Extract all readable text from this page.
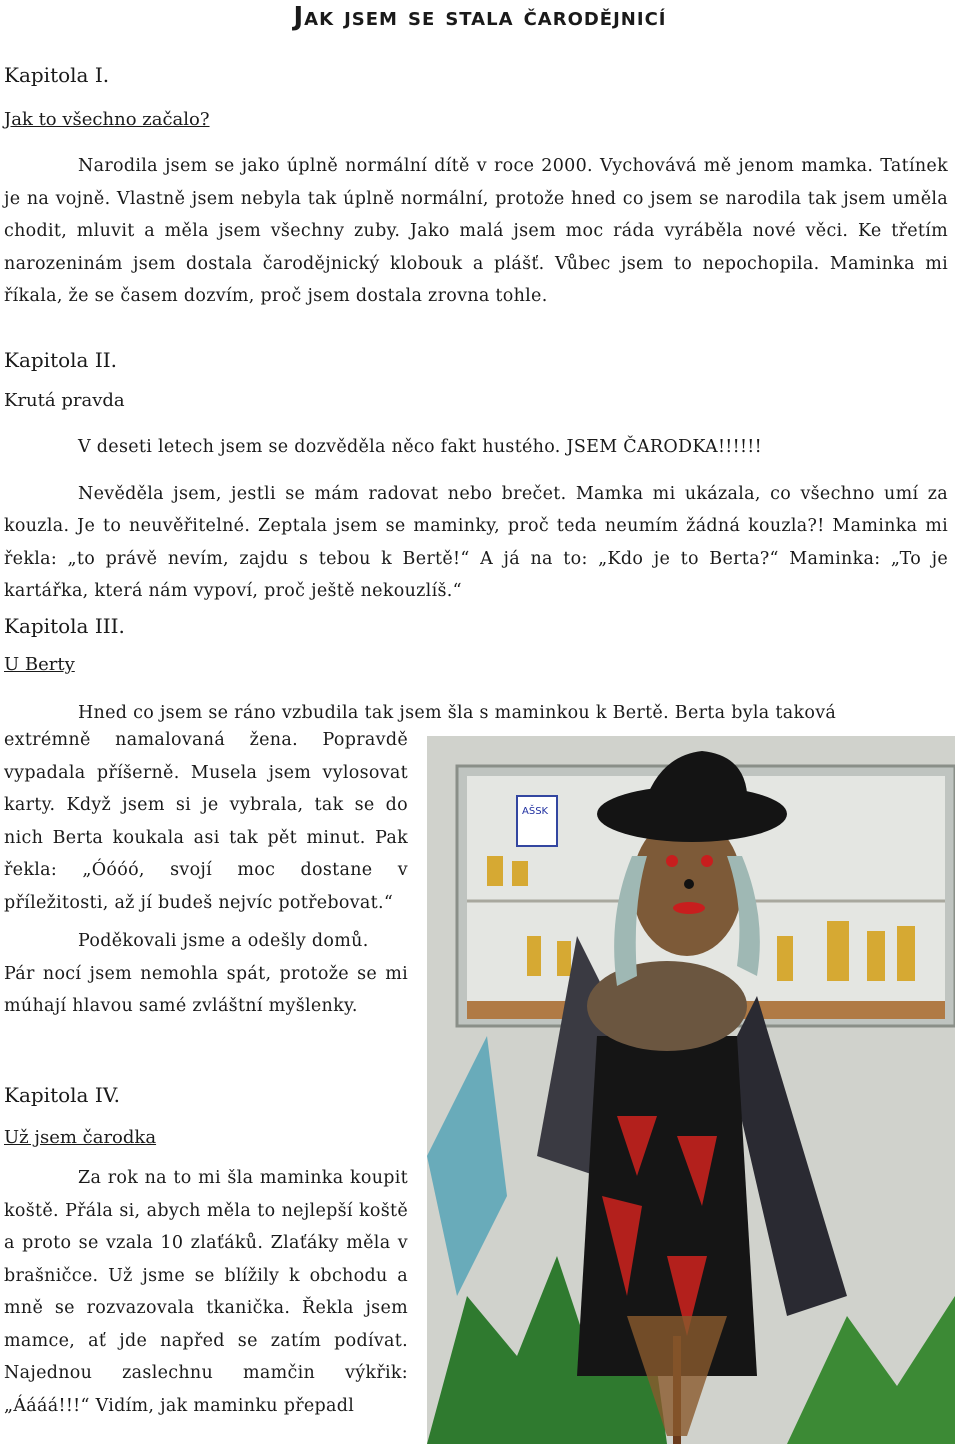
Jak jsem se stala čarodějnicí

Kapitola I.

Jak to všechno začalo?

Narodila jsem se jako úplně normální dítě v roce 2000. Vychovává mě jenom mamka. Tatínek je na vojně. Vlastně jsem nebyla tak úplně normální, protože hned co jsem se narodila tak jsem uměla chodit, mluvit a měla jsem všechny zuby. Jako malá jsem moc ráda vyráběla nové věci. Ke třetím narozeninám jsem dostala čarodějnický klobouk a plášť. Vůbec jsem to nepochopila. Maminka mi říkala, že se časem dozvím, proč jsem dostala zrovna tohle.

Kapitola II.

Krutá pravda

V deseti letech jsem se dozvěděla něco fakt hustého. JSEM ČARODKA!!!!!!

Nevěděla jsem, jestli se mám radovat nebo brečet. Mamka mi ukázala, co všechno umí za kouzla. Je to neuvěřitelné. Zeptala jsem se maminky, proč teda neumím žádná kouzla?! Maminka mi řekla: „to právě nevím, zajdu s tebou k Bertě!“ A já na to: „Kdo je to Berta?“ Maminka: „To je kartářka, která nám vypoví, proč ještě nekouzlíš.“

Kapitola III.

U Berty

Hned co jsem se ráno vzbudila tak jsem šla s maminkou k Bertě. Berta byla taková

extrémně namalovaná žena. Popravdě vypadala příšerně. Musela jsem vylosovat karty. Když jsem si je vybrala, tak se do nich Berta koukala asi tak pět minut. Pak řekla: „Óóóó, svojí moc dostane v příležitosti, až jí budeš nejvíc potřebovat.“

Poděkovali jsme a odešly domů.

Pár nocí jsem nemohla spát, protože se mi múhají hlavou samé zvláštní myšlenky.

Kapitola IV.

Už jsem čarodka

Za rok na to mi šla maminka koupit koště. Přála si, abych měla to nejlepší koště a proto se vzala 10 zlaťáků. Zlaťáky měla v brašničce. Už jsme se blížily k obchodu a mně se rozvazovala tkanička. Řekla jsem mamce, ať jde napřed se zatím podívat. Najednou zaslechnu mamčin výkřik: „Áááá!!!“ Vidím, jak maminku přepadl

AŠSK
